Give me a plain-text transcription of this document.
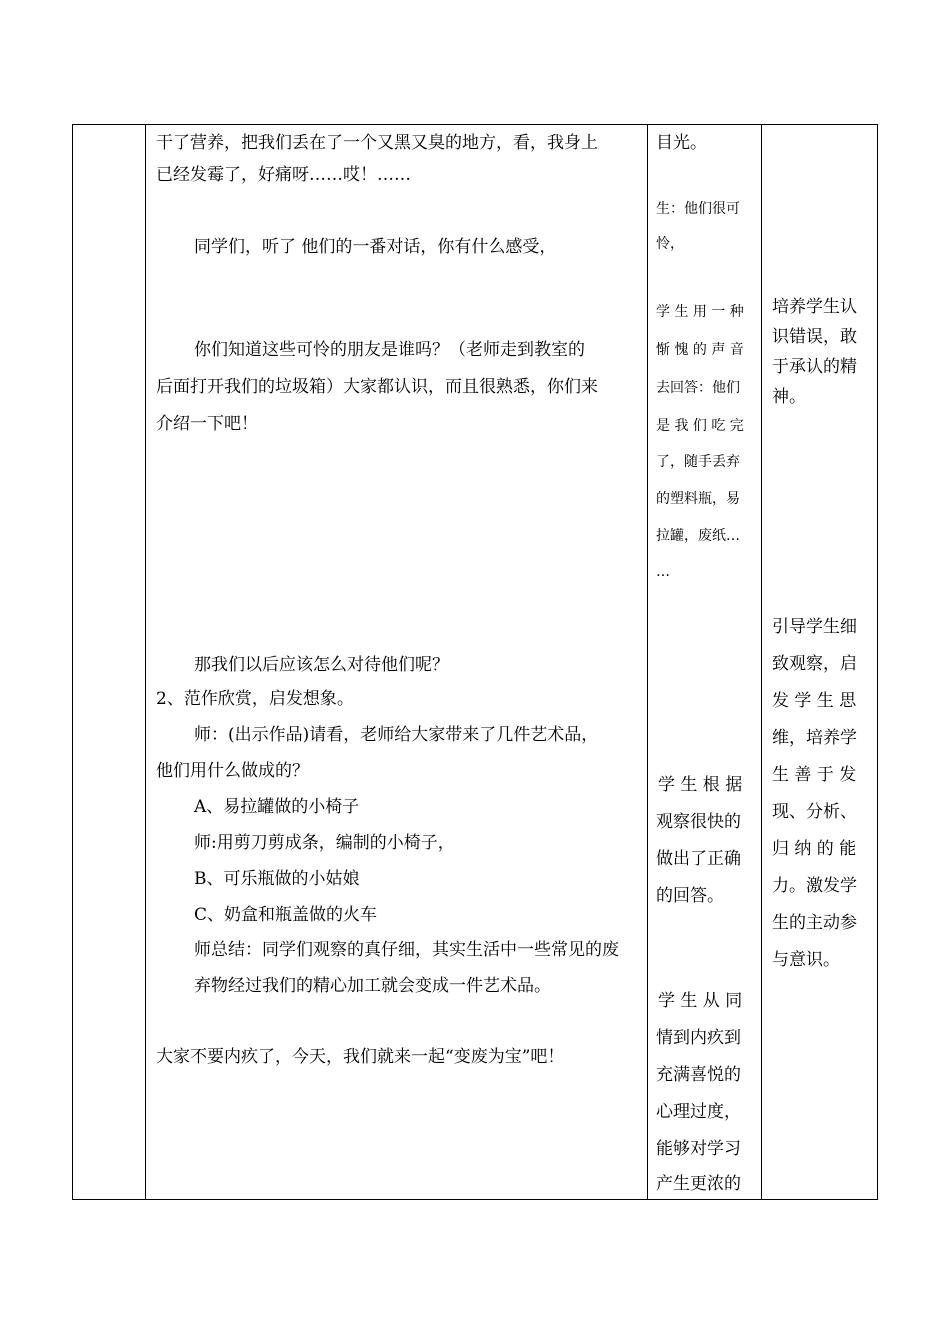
干了营养，把我们丢在了一个又黑又臭的地方，看，我身上
已经发霉了，好痛呀……哎！……
同学们，听了 他们的一番对话，你有什么感受，
你们知道这些可怜的朋友是谁吗？（老师走到教室的
后面打开我们的垃圾箱）大家都认识，而且很熟悉，你们来
介绍一下吧！
那我们以后应该怎么对待他们呢？
2、范作欣赏，启发想象。
师：(出示作品)请看，老师给大家带来了几件艺术品，
他们用什么做成的？
A、易拉罐做的小椅子
师:用剪刀剪成条，编制的小椅子，
B、可乐瓶做的小姑娘
C、奶盒和瓶盖做的火车
师总结：同学们观察的真仔细，其实生活中一些常见的废
弃物经过我们的精心加工就会变成一件艺术品。
大家不要内疚了，今天，我们就来一起“变废为宝”吧！
目光。
生：他们很可
怜，
学 生 用 一 种
惭 愧 的 声 音
去回答：他们
是 我 们 吃 完
了，随手丢弃
的塑料瓶，易
拉罐，废纸…
…
学 生 根 据
观察很快的
做出了正确
的回答。
学 生 从 同
情到内疚到
充满喜悦的
心理过度，
能够对学习
产生更浓的
培养学生认
识错误，敢
于承认的精
神。
引导学生细
致观察，启
发 学 生 思
维，培养学
生 善 于 发
现、分析、
归 纳 的 能
力。激发学
生的主动参
与意识。
